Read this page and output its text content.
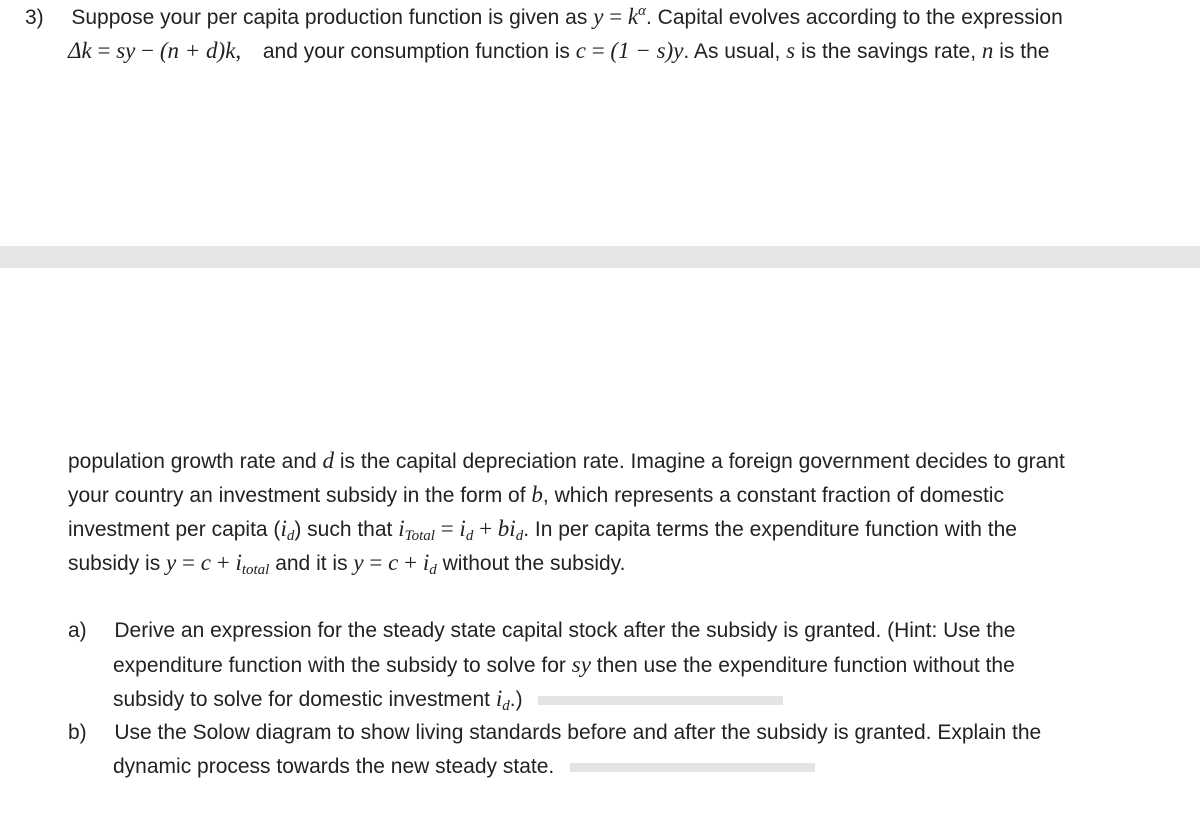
3) Suppose your per capita production function is given as $y = k^\alpha$. Capital evolves according to the expression
Δk = sy − (n + d)k, and your consumption function is c = (1 − s)y. As usual, s is the savings rate, n is the
population growth rate and d is the capital depreciation rate. Imagine a foreign government decides to grant
your country an investment subsidy in the form of b, which represents a constant fraction of domestic
investment per capita $(i_d)$ such that $i_{Total} = i_d + bi_d$. In per capita terms the expenditure function with the
subsidy is $y = c + i_{total}$ and it is $y = c + i_d$ without the subsidy.
a) Derive an expression for the steady state capital stock after the subsidy is granted. (Hint: Use the
expenditure function with the subsidy to solve for sy then use the expenditure function without the
subsidy to solve for domestic investment $i_d$.)
b) Use the Solow diagram to show living standards before and after the subsidy is granted. Explain the
dynamic process towards the new steady state.
